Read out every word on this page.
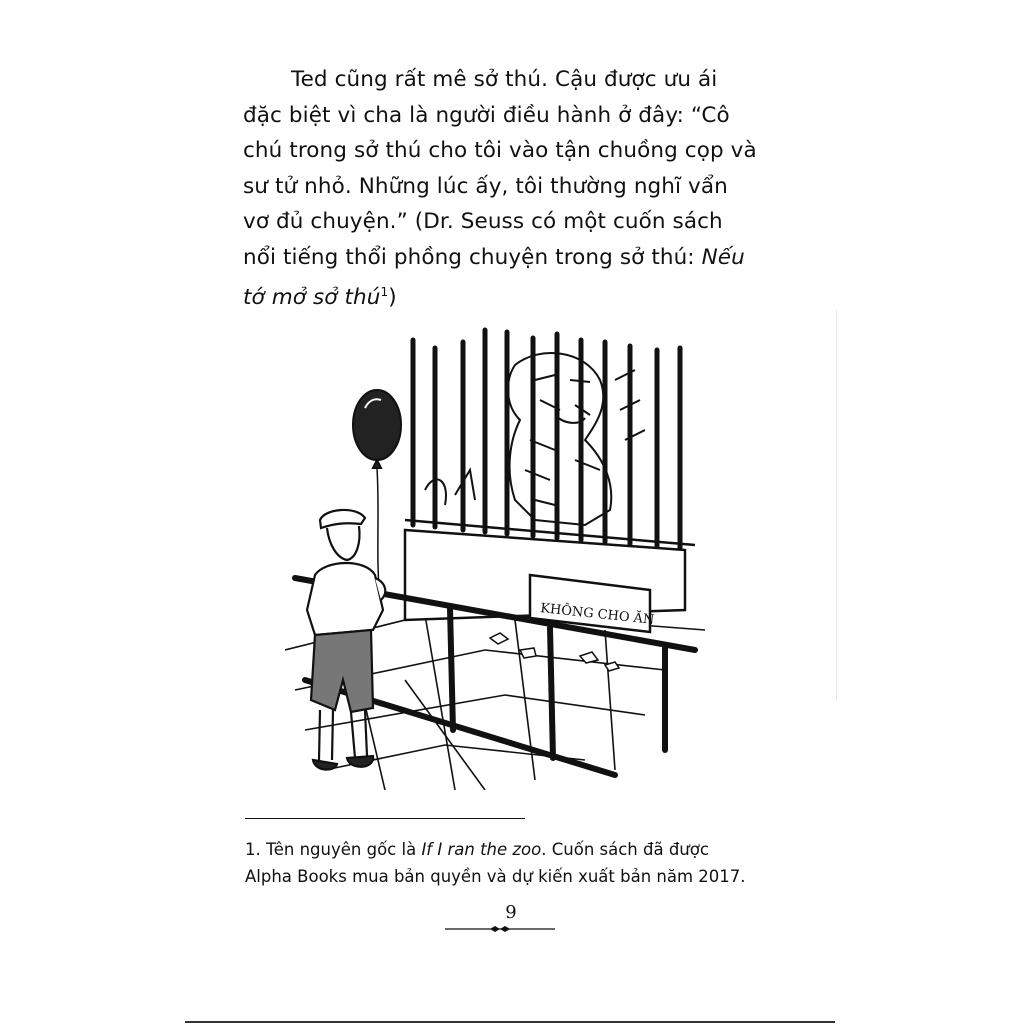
Ted cũng rất mê sở thú. Cậu được ưu ái
đặc biệt vì cha là người điều hành ở đây: “Cô
chú trong sở thú cho tôi vào tận chuồng cọp và
sư tử nhỏ. Những lúc ấy, tôi thường nghĩ vẩn
vơ đủ chuyện.” (Dr. Seuss có một cuốn sách
nổi tiếng thổi phồng chuyện trong sở thú: Nếu
tớ mở sở thú$^1$)
KHÔNG CHO ĂN
1. Tên nguyên gốc là If I ran the zoo. Cuốn sách đã được
Alpha Books mua bản quyền và dự kiến xuất bản năm 2017.
9
